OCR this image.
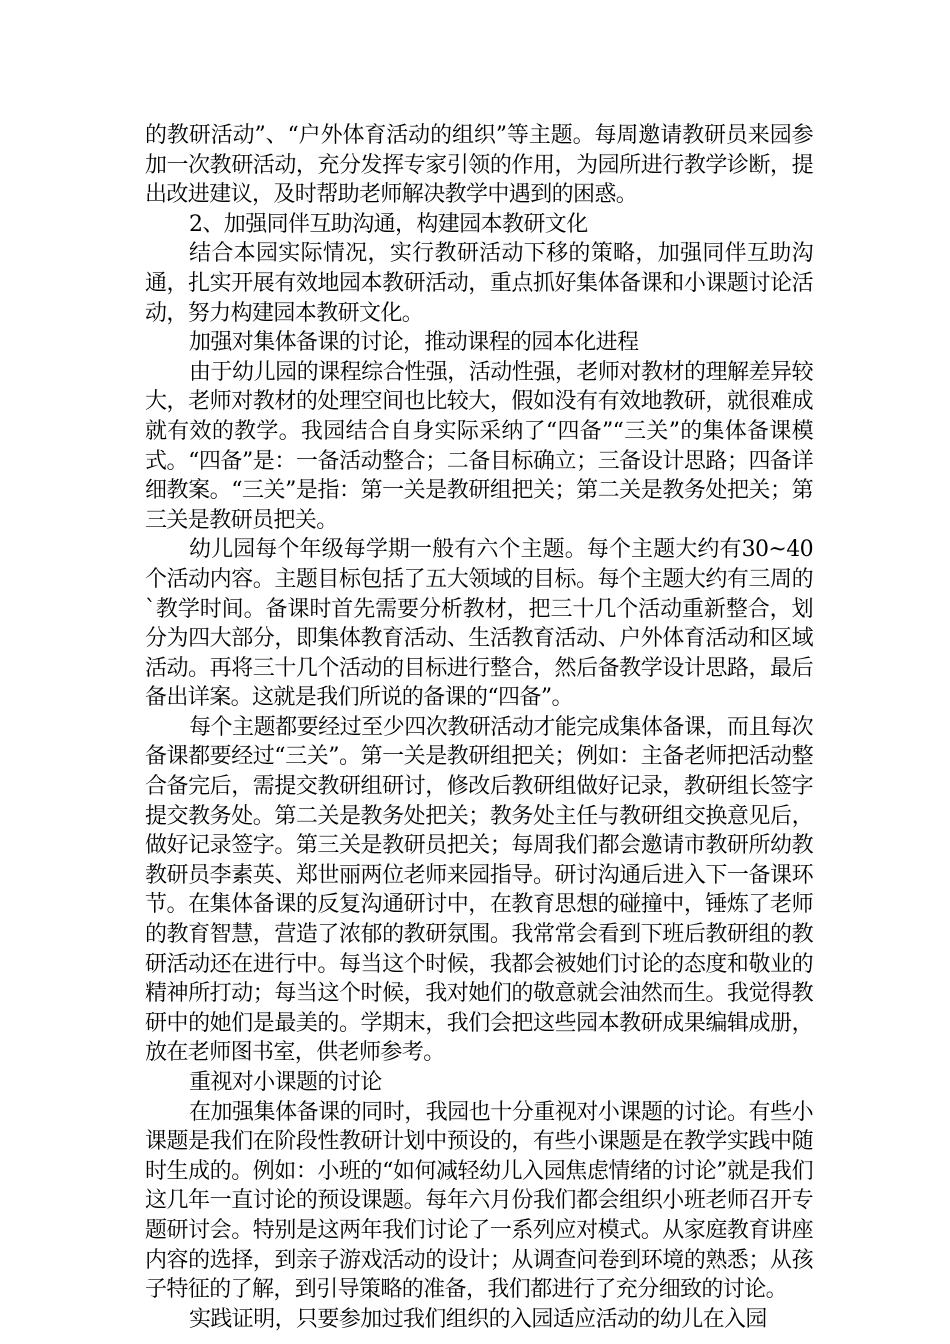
的教研活动”、“户外体育活动的组织”等主题。每周邀请教研员来园参加一次教研活动，充分发挥专家引领的作用，为园所进行教学诊断，提出改进建议，及时帮助老师解决教学中遇到的困惑。

2、加强同伴互助沟通，构建园本教研文化

结合本园实际情况，实行教研活动下移的策略，加强同伴互助沟通，扎实开展有效地园本教研活动，重点抓好集体备课和小课题讨论活动，努力构建园本教研文化。

加强对集体备课的讨论，推动课程的园本化进程

由于幼儿园的课程综合性强，活动性强，老师对教材的理解差异较大，老师对教材的处理空间也比较大，假如没有有效地教研，就很难成就有效的教学。我园结合自身实际采纳了“四备”“三关”的集体备课模式。“四备”是：一备活动整合；二备目标确立；三备设计思路；四备详细教案。“三关”是指：第一关是教研组把关；第二关是教务处把关；第三关是教研员把关。

幼儿园每个年级每学期一般有六个主题。每个主题大约有30~40个活动内容。主题目标包括了五大领域的目标。每个主题大约有三周的`教学时间。备课时首先需要分析教材，把三十几个活动重新整合，划分为四大部分，即集体教育活动、生活教育活动、户外体育活动和区域活动。再将三十几个活动的目标进行整合，然后备教学设计思路，最后备出详案。这就是我们所说的备课的“四备”。

每个主题都要经过至少四次教研活动才能完成集体备课，而且每次备课都要经过“三关”。第一关是教研组把关；例如：主备老师把活动整合备完后，需提交教研组研讨，修改后教研组做好记录，教研组长签字提交教务处。第二关是教务处把关；教务处主任与教研组交换意见后，做好记录签字。第三关是教研员把关；每周我们都会邀请市教研所幼教教研员李素英、郑世丽两位老师来园指导。研讨沟通后进入下一备课环节。在集体备课的反复沟通研讨中，在教育思想的碰撞中，锤炼了老师的教育智慧，营造了浓郁的教研氛围。我常常会看到下班后教研组的教研活动还在进行中。每当这个时候，我都会被她们讨论的态度和敬业的精神所打动；每当这个时候，我对她们的敬意就会油然而生。我觉得教研中的她们是最美的。学期末，我们会把这些园本教研成果编辑成册，放在老师图书室，供老师参考。

重视对小课题的讨论

在加强集体备课的同时，我园也十分重视对小课题的讨论。有些小课题是我们在阶段性教研计划中预设的，有些小课题是在教学实践中随时生成的。例如：小班的“如何减轻幼儿入园焦虑情绪的讨论”就是我们这几年一直讨论的预设课题。每年六月份我们都会组织小班老师召开专题研讨会。特别是这两年我们讨论了一系列应对模式。从家庭教育讲座内容的选择，到亲子游戏活动的设计；从调查问卷到环境的熟悉；从孩子特征的了解，到引导策略的准备，我们都进行了充分细致的讨论。

实践证明，只要参加过我们组织的入园适应活动的幼儿在入园
